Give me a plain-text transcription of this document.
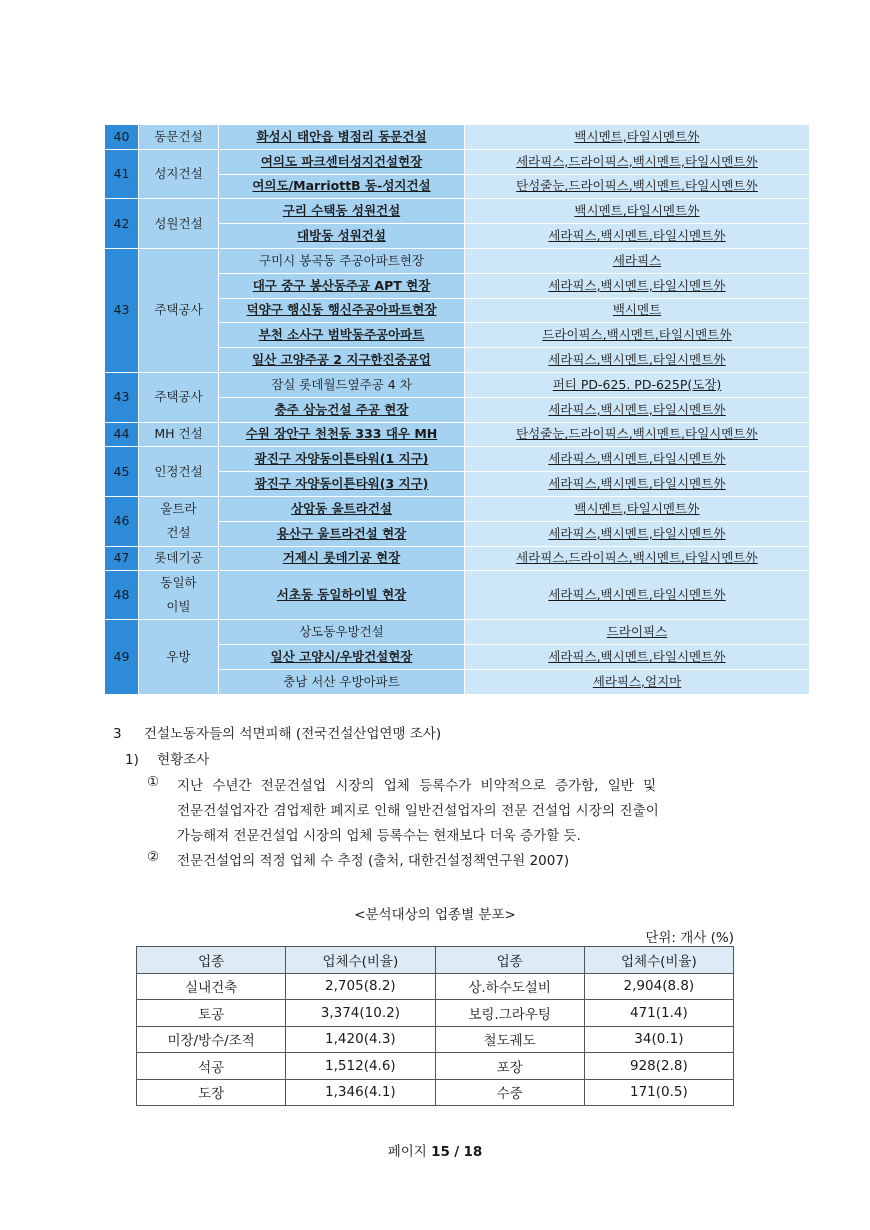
40	동문건설	화성시 태안읍 병점리 동문건설	백시멘트,타일시멘트外
41	성지건설	여의도 파크센터성지건설현장	세라픽스,드라이픽스,백시멘트,타일시멘트外
		여의도/MarriottB 동-성지건설	탄성줄눈,드라이픽스,백시멘트,타일시멘트外
42	성원건설	구리 수택동 성원건설	백시멘트,타일시멘트外
		대방동 성원건설	세라픽스,백시멘트,타일시멘트外
43	주택공사	구미시 봉곡동 주공아파트현장	세라픽스
		대구 중구 봉산동주공 APT 현장	세라픽스,백시멘트,타일시멘트外
		덕양구 행신동 행신주공아파트현장	백시멘트
		부천 소사구 범박동주공아파트	드라이픽스,백시멘트,타일시멘트外
		일산 고양주공 2 지구한진중공업	세라픽스,백시멘트,타일시멘트外
43	주택공사	잠실 롯데월드옆주공 4 차	퍼티 PD-625. PD-625P(도장)
		충주 삼능건설 주공 현장	세라픽스,백시멘트,타일시멘트外
44	MH 건설	수원 장안구 천천동 333 대우 MH	탄성줄눈,드라이픽스,백시멘트,타일시멘트外
45	인정건설	광진구 자양동이튼타워(1 지구)	세라픽스,백시멘트,타일시멘트外
		광진구 자양동이튼타워(3 지구)	세라픽스,백시멘트,타일시멘트外
46	울트라건설	상암동 울트라건설	백시멘트,타일시멘트外
		용산구 울트라건설 현장	세라픽스,백시멘트,타일시멘트外
47	롯데기공	거제시 롯데기공 현장	세라픽스,드라이픽스,백시멘트,타일시멘트外
48	동일하이빌	서초동 동일하이빌 현장	세라픽스,백시멘트,타일시멘트外
49	우방	상도동우방건설	드라이픽스
		일산 고양시/우방건설현장	세라픽스,백시멘트,타일시멘트外
		충남 서산 우방아파트	세라픽스,얼지마
3 건설노동자들의 석면피해 (전국건설산업연맹 조사)
1) 현황조사
① 지난 수년간 전문건설업 시장의 업체 등록수가 비약적으로 증가함, 일반 및
전문건설업자간 겸업제한 폐지로 인해 일반건설업자의 전문 건설업 시장의 진출이
가능해져 전문건설업 시장의 업체 등록수는 현재보다 더욱 증가할 듯.
② 전문건설업의 적정 업체 수 추정 (출처, 대한건설정책연구원 2007)
<분석대상의 업종별 분포>
단위: 개사 (%)
업종	업체수(비율)	업종	업체수(비율)
실내건축	2,705(8.2)	상.하수도설비	2,904(8.8)
토공	3,374(10.2)	보링.그라우팅	471(1.4)
미장/방수/조적	1,420(4.3)	철도궤도	34(0.1)
석공	1,512(4.6)	포장	928(2.8)
도장	1,346(4.1)	수중	171(0.5)
페이지 15 / 18
